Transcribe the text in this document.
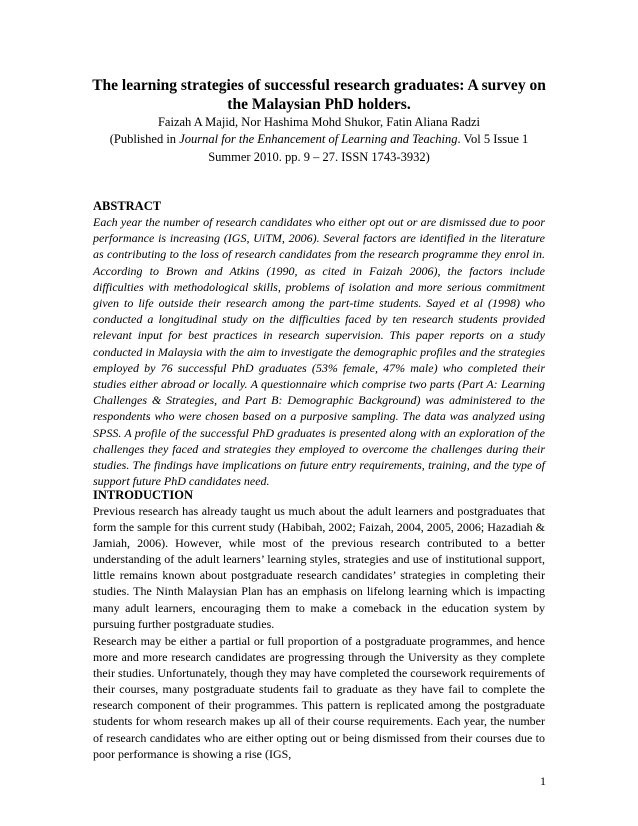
The learning strategies of successful research graduates: A survey on the Malaysian PhD holders.
Faizah A Majid, Nor Hashima Mohd Shukor, Fatin Aliana Radzi
(Published in Journal for the Enhancement of Learning and Teaching. Vol 5 Issue 1 Summer 2010. pp. 9 – 27. ISSN 1743-3932)
ABSTRACT

Each year the number of research candidates who either opt out or are dismissed due to poor performance is increasing (IGS, UiTM, 2006). Several factors are identified in the literature as contributing to the loss of research candidates from the research programme they enrol in. According to Brown and Atkins (1990, as cited in Faizah 2006), the factors include difficulties with methodological skills, problems of isolation and more serious commitment given to life outside their research among the part-time students. Sayed et al (1998) who conducted a longitudinal study on the difficulties faced by ten research students provided relevant input for best practices in research supervision. This paper reports on a study conducted in Malaysia with the aim to investigate the demographic profiles and the strategies employed by 76 successful PhD graduates (53% female, 47% male) who completed their studies either abroad or locally. A questionnaire which comprise two parts (Part A: Learning Challenges & Strategies, and Part B: Demographic Background) was administered to the respondents who were chosen based on a purposive sampling. The data was analyzed using SPSS. A profile of the successful PhD graduates is presented along with an exploration of the challenges they faced and strategies they employed to overcome the challenges during their studies. The findings have implications on future entry requirements, training, and the type of support future PhD candidates need.

INTRODUCTION

Previous research has already taught us much about the adult learners and postgraduates that form the sample for this current study (Habibah, 2002; Faizah, 2004, 2005, 2006; Hazadiah & Jamiah, 2006). However, while most of the previous research contributed to a better understanding of the adult learners’ learning styles, strategies and use of institutional support, little remains known about postgraduate research candidates’ strategies in completing their studies. The Ninth Malaysian Plan has an emphasis on lifelong learning which is impacting many adult learners, encouraging them to make a comeback in the education system by pursuing further postgraduate studies.

Research may be either a partial or full proportion of a postgraduate programmes, and hence more and more research candidates are progressing through the University as they complete their studies. Unfortunately, though they may have completed the coursework requirements of their courses, many postgraduate students fail to graduate as they have fail to complete the research component of their programmes. This pattern is replicated among the postgraduate students for whom research makes up all of their course requirements. Each year, the number of research candidates who are either opting out or being dismissed from their courses due to poor performance is showing a rise (IGS,

1
